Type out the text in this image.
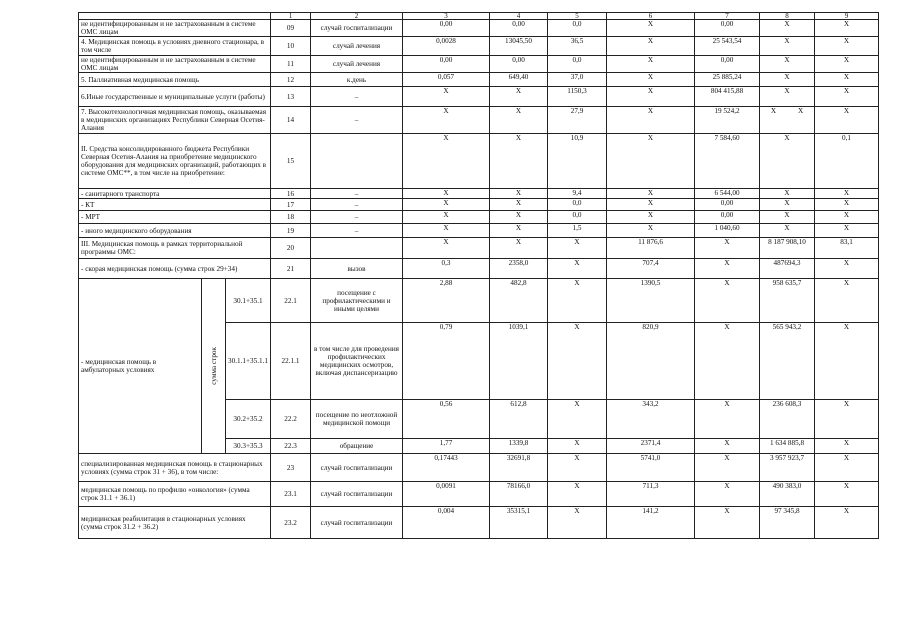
			1	2	3	4	5	6	7	8	9
не идентифицированным и не застрахованным в системе ОМС лицам			09	случай госпитализации	0,00	0,00	0,0	X	0,00	X	X
4. Медицинская помощь в условиях дневного стационара, в том числе			10	случай лечения	0,0028	13045,50	36,5	X	25 543,54	X	X
не идентифицированным и не застрахованным в системе ОМС лицам			11	случай лечения	0,00	0,00	0,0	X	0,00	X	X
5. Паллиативная медицинская помощь			12	к.день	0,057	649,40	37,0	X	25 885,24	X	X
6.Иные государственные и муниципальные услуги (работы)			13	–	X	X	1150,3	X	804 415,88	X	X
7. Высокотехнологичная медицинская помощь, оказываемая в медицинских организациях Республики Северная Осетия-Алания			14	–	X	X	27,9	X	19 524,2	X X	X
II. Средства консолидированного бюджета Республики Северная Осетия-Алания на приобретение медицинского оборудования для медицинских организаций, работающих в системе ОМС**, в том числе на приобретение:			15		X	X	10,9	X	7 584,60	X	0,1
- санитарного транспорта			16	–	X	X	9,4	X	6 544,00	X	X
- КТ			17	–	X	X	0,0	X	0,00	X	X
- МРТ			18	–	X	X	0,0	X	0,00	X	X
- иного медицинского оборудования			19	–	X	X	1,5	X	1 040,60	X	X
III. Медицинская помощь в рамках территориальной программы ОМС:			20		X	X	X	11 876,6	X	8 187 908,10	83,1
- скорая медицинская помощь (сумма строк 29+34)			21	вызов	0,3	2358,0	X	707,4	X	487694,3	X
- медицинская помощь в амбулаторных условиях	сумма строк	30.1+35.1	22.1	посещение с профилактическими и иными целями	2,88	482,8	X	1390,5	X	958 635,7	X
		30.1.1+35.1.1	22.1.1	в том числе для проведения профилактических медицинских осмотров, включая диспансеризацию	0,79	1039,1	X	820,9	X	565 943,2	X
		30.2+35.2	22.2	посещение по неотложной медицинской помощи	0,56	612,8	X	343,2	X	236 608,3	X
		30.3+35.3	22.3	обращение	1,77	1339,8	X	2371,4	X	1 634 885,8	X
специализированная медицинская помощь в стационарных условиях (сумма строк 31 + 36), в том числе:			23	случай госпитализации	0,17443	32691,8	X	5741,0	X	3 957 923,7	X
медицинская помощь по профилю «онкология» (сумма строк 31.1 + 36.1)			23.1	случай госпитализации	0,0091	78166,0	X	711,3	X	490 383,0	X
медицинская реабилитация в стационарных условиях (сумма строк 31.2 + 36.2)			23.2	случай госпитализации	0,004	35315,1	X	141,2	X	97 345,8	X
